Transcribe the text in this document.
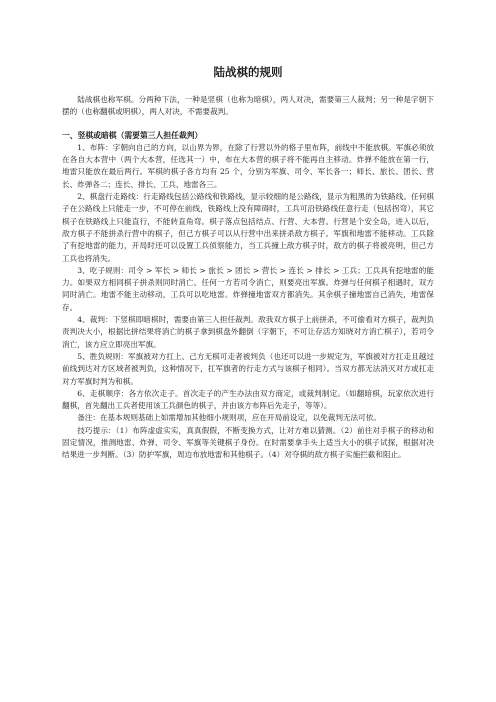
陆战棋的规则

陆战棋也称军棋。分两种下法，一种是竖棋（也称为暗棋），两人对决，需要第三人裁判；另一种是字朝下摆的（也称翻棋或明棋），两人对决，不需要裁判。

一、竖棋或暗棋（需要第三人担任裁判）

1、布阵：字朝向自己的方向，以山界为界，在除了行营以外的格子里布阵，前线中不能放棋。军旗必须放在各自大本营中（两个大本营，任选其一）中，布在大本营的棋子将不能再自主移动。炸弹不能放在第一行，地雷只能放在最后两行。军棋的棋子各方均有 25 个，分别为军旗、司令、军长各一；师长、旅长、团长、营长、炸弹各二；连长、排长、工兵、地雷各三。

2、棋盘行走路线：行走路线包括公路线和铁路线，显示较细的是公路线，显示为粗黑的为铁路线。任何棋子在公路线上只能走一步，不可停在前线，铁路线上没有障碍时，工兵可沿铁路线任意行走（包括拐弯），其它棋子在铁路线上只能直行，不能转直角弯。棋子落点包括结点、行营、大本营。行营是个安全岛，进入以后，敌方棋子不能拼杀行营中的棋子，但己方棋子可以从行营中出来拼杀敌方棋子。军旗和地雷不能移动。工兵除了有挖地雷的能力，开局时还可以设置工兵侦察能力，当工兵撞上敌方棋子时，敌方的棋子将被亮明，但己方工兵也将消失。

3、吃子规则：司令 > 军长 > 师长 > 旅长 > 团长 > 营长 > 连长 > 排长 > 工兵；工兵具有挖地雷的能力。如果双方相同棋子拼杀则同时消亡。任何一方若司令消亡，则要亮出军旗。炸弹与任何棋子相遇时，双方同时消亡。地雷不能主动移动，工兵可以吃地雷。炸弹撞地雷双方都消失。其余棋子撞地雷自己消失，地雷保存。

4、裁判：下竖棋即暗棋时，需要由第三人担任裁判。敌我双方棋子上前拼杀，不可偷看对方棋子，裁判负责判决大小，根据比拼结果将消亡的棋子拿到棋盘外翻倒（字朝下，不可让存活方知晓对方消亡棋子），若司令消亡，该方应立即亮出军旗。

5、胜负规则：军旗被对方扛上、己方无棋可走者被判负（也还可以进一步规定为，军旗被对方扛走且越过前线到达对方区域者被判负，这种情况下，扛军旗者的行走方式与该棋子相同）。当双方都无法消灭对方或扛走对方军旗时判为和棋。

6、走棋顺序：各方依次走子。首次走子的产生办法由双方商定，或裁判制定。（如翻暗棋，玩家依次进行翻棋，首先翻出工兵者使用该工兵颜色的棋子，并由该方布阵后先走子，等等）。

备注：在基本规则基础上如需增加其他细小规则项，应在开局前设定，以免裁判无法可依。

技巧提示：（1）布阵虚虚实实，真真假假，不断变换方式，让对方难以猜测。（2）前往对手棋子的移动和固定情况，推测地雷、炸弹、司令、军旗等关键棋子身份。在时需要拿手头上适当大小的棋子试探，根据对决结果进一步判断。（3）防护军旗，周边布放地雷和其他棋子。（4）对夺棋的敌方棋子实施拦截和阻止。
